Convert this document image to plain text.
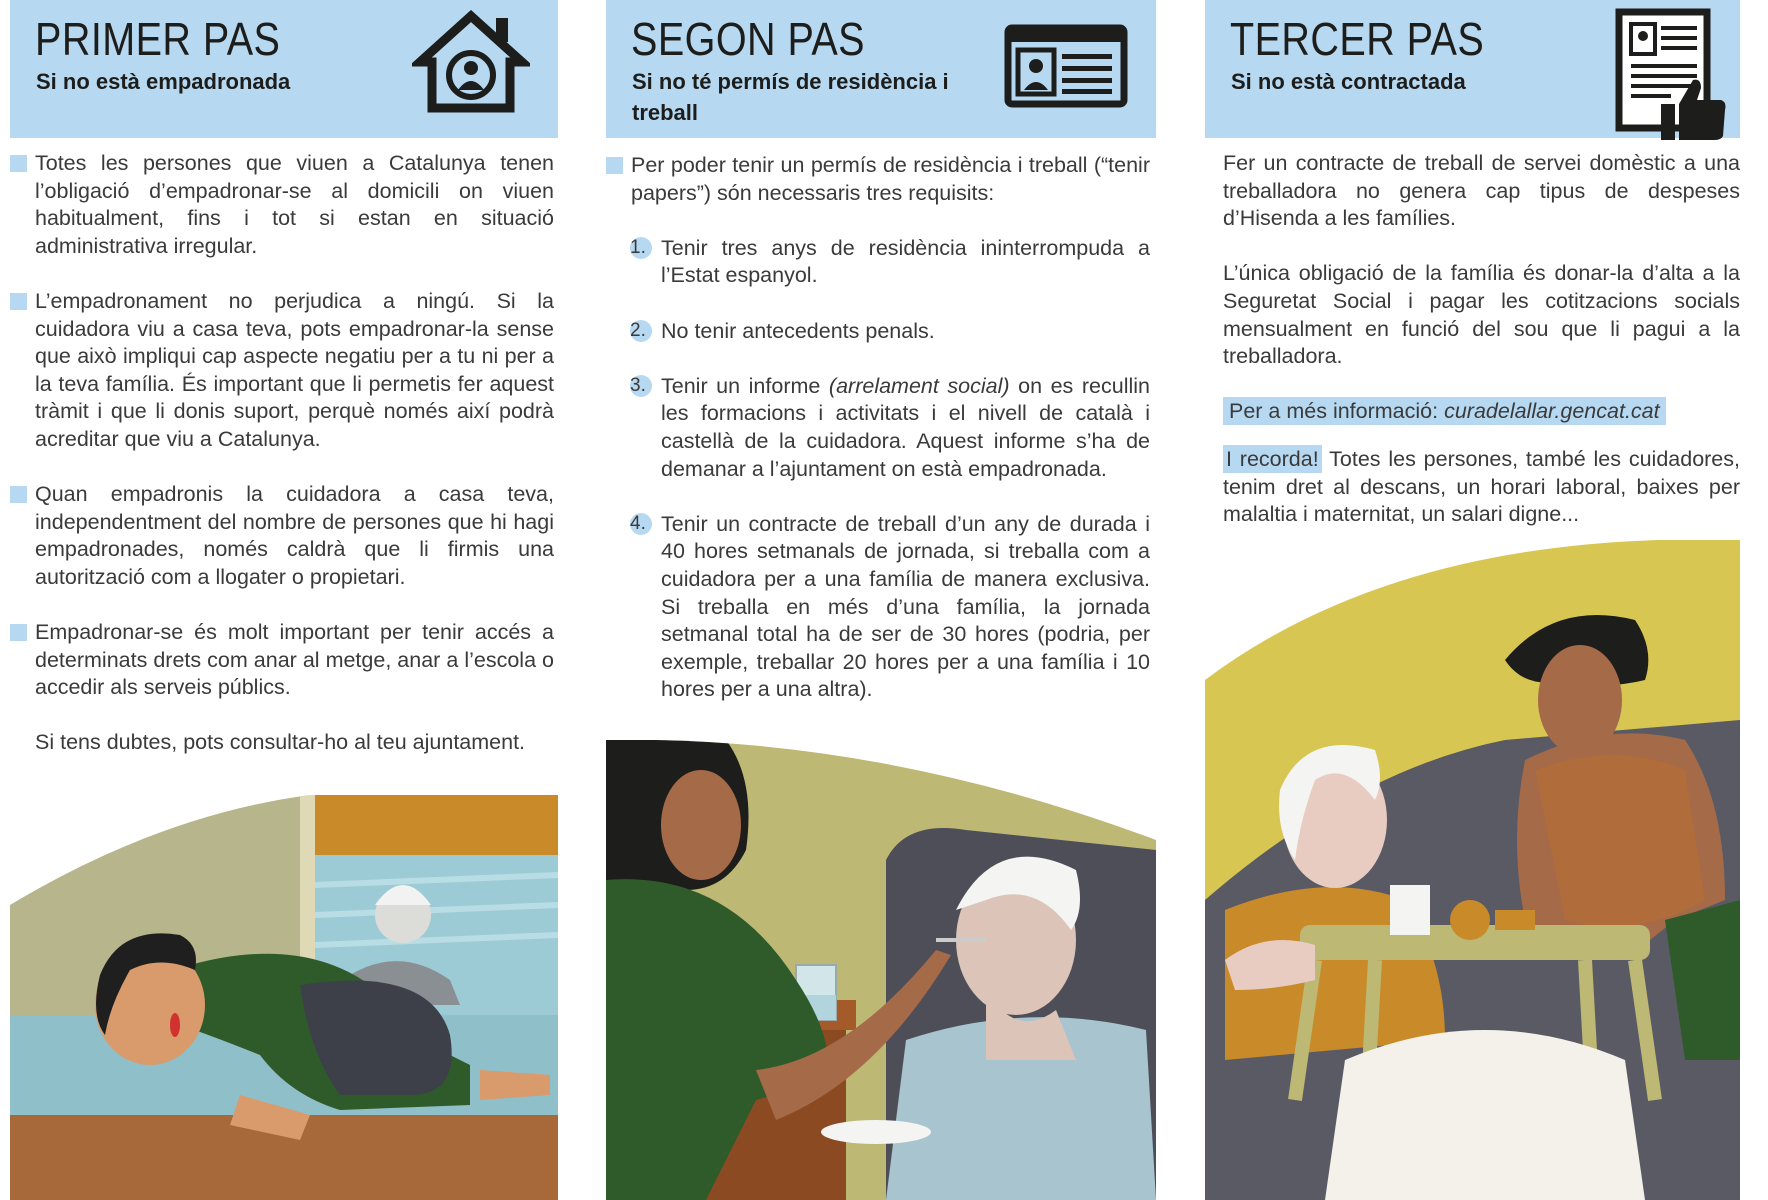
PRIMER PAS
Si no està empadronada

Totes les persones que viuen a Catalunya tenen l’obligació d’empadronar-se al domicili on viuen habitualment, fins i tot si estan en situació administrativa irregular.

L’empadronament no perjudica a ningú. Si la cuidadora viu a casa teva, pots empadronar-la sense que això impliqui cap aspecte negatiu per a tu ni per a la teva família. És important que li permetis fer aquest tràmit i que li donis suport, perquè només així podrà acreditar que viu a Catalunya.

Quan empadronis la cuidadora a casa teva, independentment del nombre de persones que hi hagi empadronades, només caldrà que li firmis una autorització com a llogater o propietari.

Empadronar-se és molt important per tenir accés a determinats drets com anar al metge, anar a l’escola o accedir als serveis públics.

Si tens dubtes, pots consultar-ho al teu ajuntament.

SEGON PAS
Si no té permís de residència i treball

Per poder tenir un permís de residència i treball (“tenir papers”) són necessaris tres requisits:

1. Tenir tres anys de residència ininterrompuda a l’Estat espanyol.

2. No tenir antecedents penals.

3. Tenir un informe (arrelament social) on es recullin les formacions i activitats i el nivell de català i castellà de la cuidadora. Aquest informe s’ha de demanar a l’ajuntament on està empadronada.

4. Tenir un contracte de treball d’un any de durada i 40 hores setmanals de jornada, si treballa com a cuidadora per a una família de manera exclusiva. Si treballa en més d’una família, la jornada setmanal total ha de ser de 30 hores (podria, per exemple, treballar 20 hores per a una família i 10 hores per a una altra).

TERCER PAS
Si no està contractada

Fer un contracte de treball de servei domèstic a una treballadora no genera cap tipus de despeses d’Hisenda a les famílies.

L’única obligació de la família és donar-la d’alta a la Seguretat Social i pagar les cotitzacions socials mensualment en funció del sou que li pagui a la treballadora.

Per a més informació: curadelallar.gencat.cat

I recorda! Totes les persones, també les cuidadores, tenim dret al descans, un horari laboral, baixes per malaltia i maternitat, un salari digne...
